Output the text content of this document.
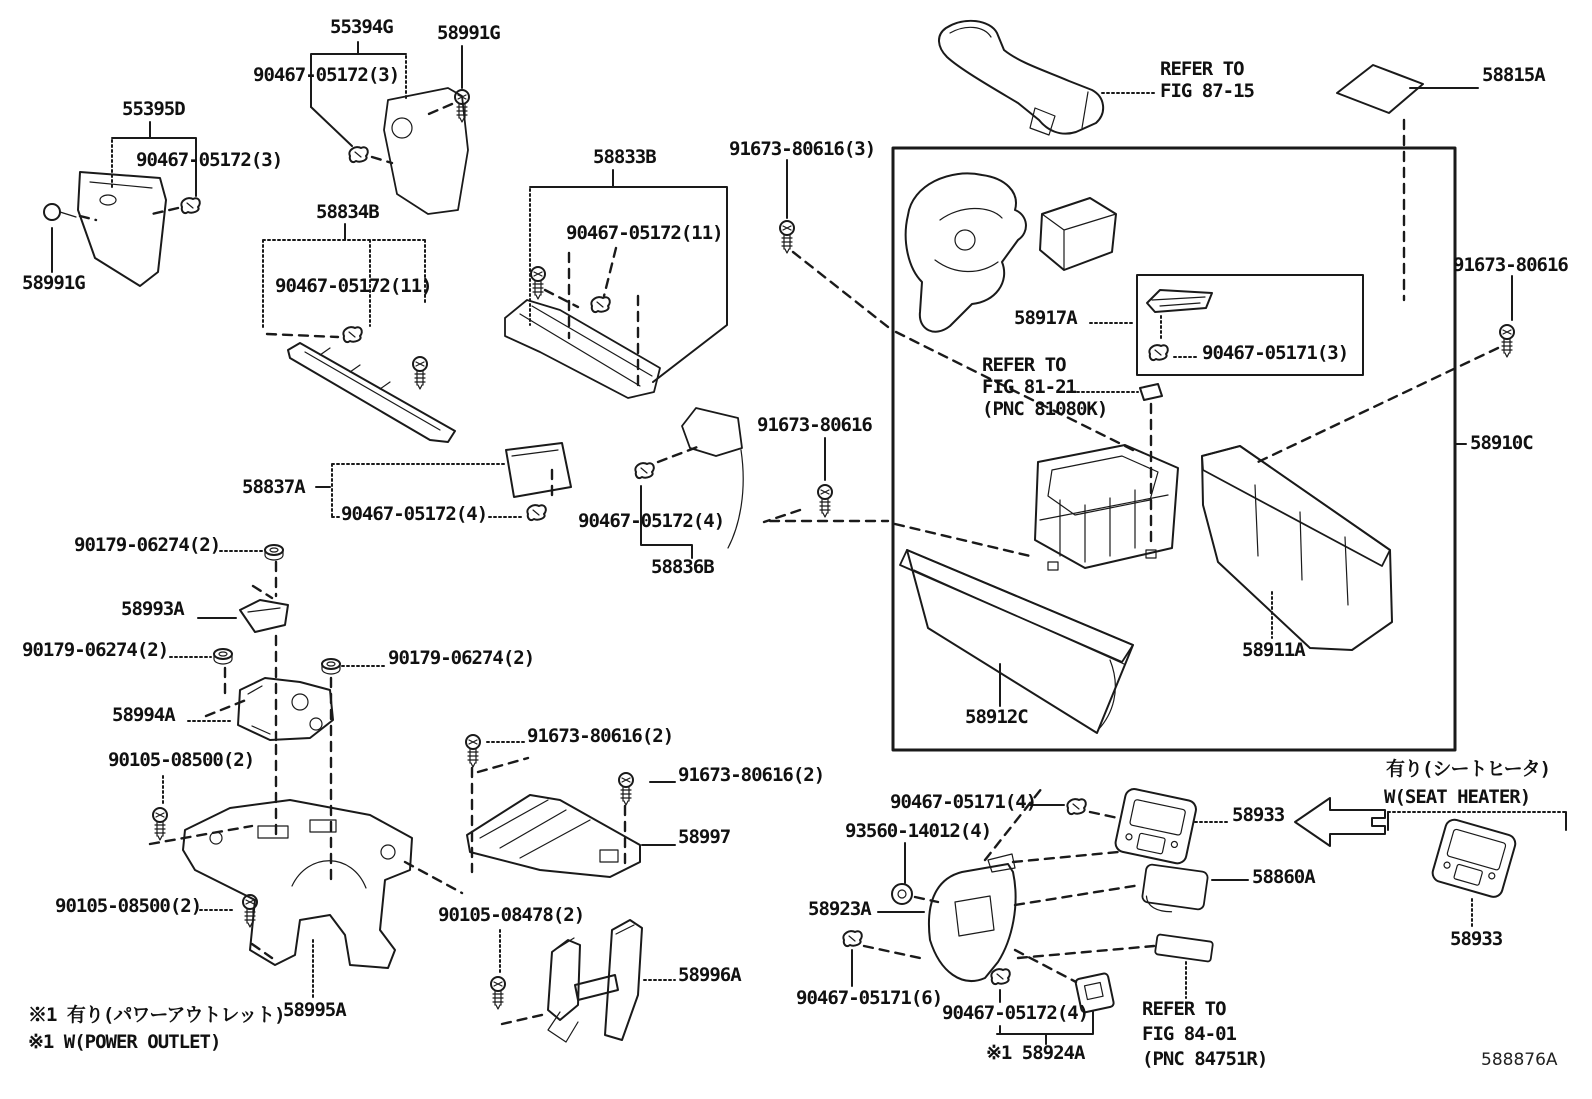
55394G 58991G
90467-05172(3)
55395D
90467-05172(3)
58991G
58834B
90467-05172(11)
58833B
90467-05172(11)
91673-80616(3)
REFER TO
FIG 87-15
58815A
91673-80616
58917A
90467-05171(3)
REFER TO
FIG 81-21
(PNC 81080K)
58910C
91673-80616
58837A
90467-05172(4)	90467-05172(4)
58836B
90179-06274(2)
58993A
90179-06274(2)	90179-06274(2)
58994A
90105-08500(2)
91673-80616(2)
91673-80616(2)
58997
90105-08500(2)	90105-08478(2)
58996A
58995A
※1 有り(パワーアウトレット)
※1 W(POWER OUTLET)
58912C
58911A
90467-05171(4)
93560-14012(4)
58923A
58933
58860A
90467-05171(6)
90467-05172(4)
※1 58924A
REFER TO
FIG 84-01
(PNC 84751R)
有り(シートヒータ)
W(SEAT HEATER)
58933
588876A
